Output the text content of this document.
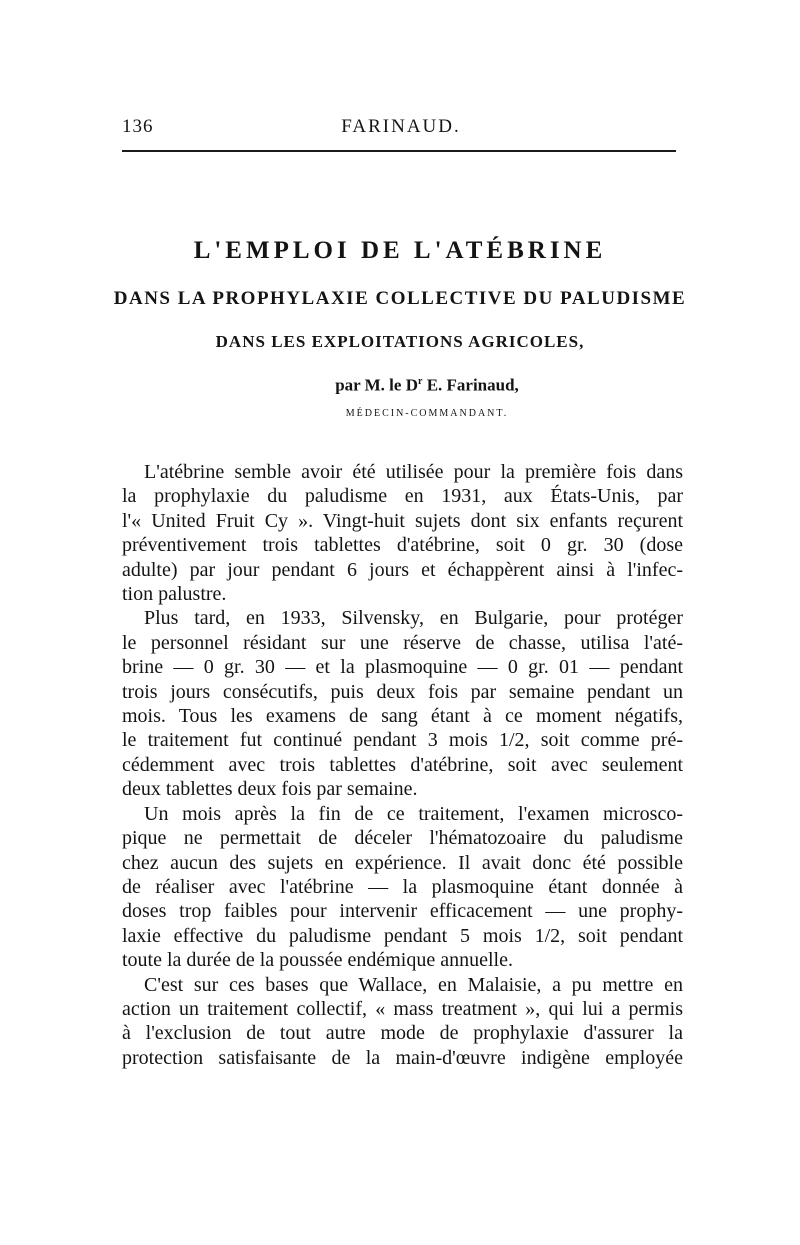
136	FARINAUD.
L'EMPLOI DE L'ATÉBRINE
DANS LA PROPHYLAXIE COLLECTIVE DU PALUDISME
DANS LES EXPLOITATIONS AGRICOLES,

par M. le $D^r$ E. Farinaud,

MÉDECIN-COMMANDANT.

L'atébrine semble avoir été utilisée pour la première fois dans
la prophylaxie du paludisme en 1931, aux États-Unis, par
l'« United Fruit Cy ». Vingt-huit sujets dont six enfants reçurent
préventivement trois tablettes d'atébrine, soit 0 gr. 30 (dose
adulte) par jour pendant 6 jours et échappèrent ainsi à l'infec-
tion palustre.
Plus tard, en 1933, Silvensky, en Bulgarie, pour protéger
le personnel résidant sur une réserve de chasse, utilisa l'até-
brine — 0 gr. 30 — et la plasmoquine — 0 gr. 01 — pendant
trois jours consécutifs, puis deux fois par semaine pendant un
mois. Tous les examens de sang étant à ce moment négatifs,
le traitement fut continué pendant 3 mois 1/2, soit comme pré-
cédemment avec trois tablettes d'atébrine, soit avec seulement
deux tablettes deux fois par semaine.
Un mois après la fin de ce traitement, l'examen microsco-
pique ne permettait de déceler l'hématozoaire du paludisme
chez aucun des sujets en expérience. Il avait donc été possible
de réaliser avec l'atébrine — la plasmoquine étant donnée à
doses trop faibles pour intervenir efficacement — une prophy-
laxie effective du paludisme pendant 5 mois 1/2, soit pendant
toute la durée de la poussée endémique annuelle.
C'est sur ces bases que Wallace, en Malaisie, a pu mettre en
action un traitement collectif, « mass treatment », qui lui a permis
à l'exclusion de tout autre mode de prophylaxie d'assurer la
protection satisfaisante de la main-d'œuvre indigène employée
